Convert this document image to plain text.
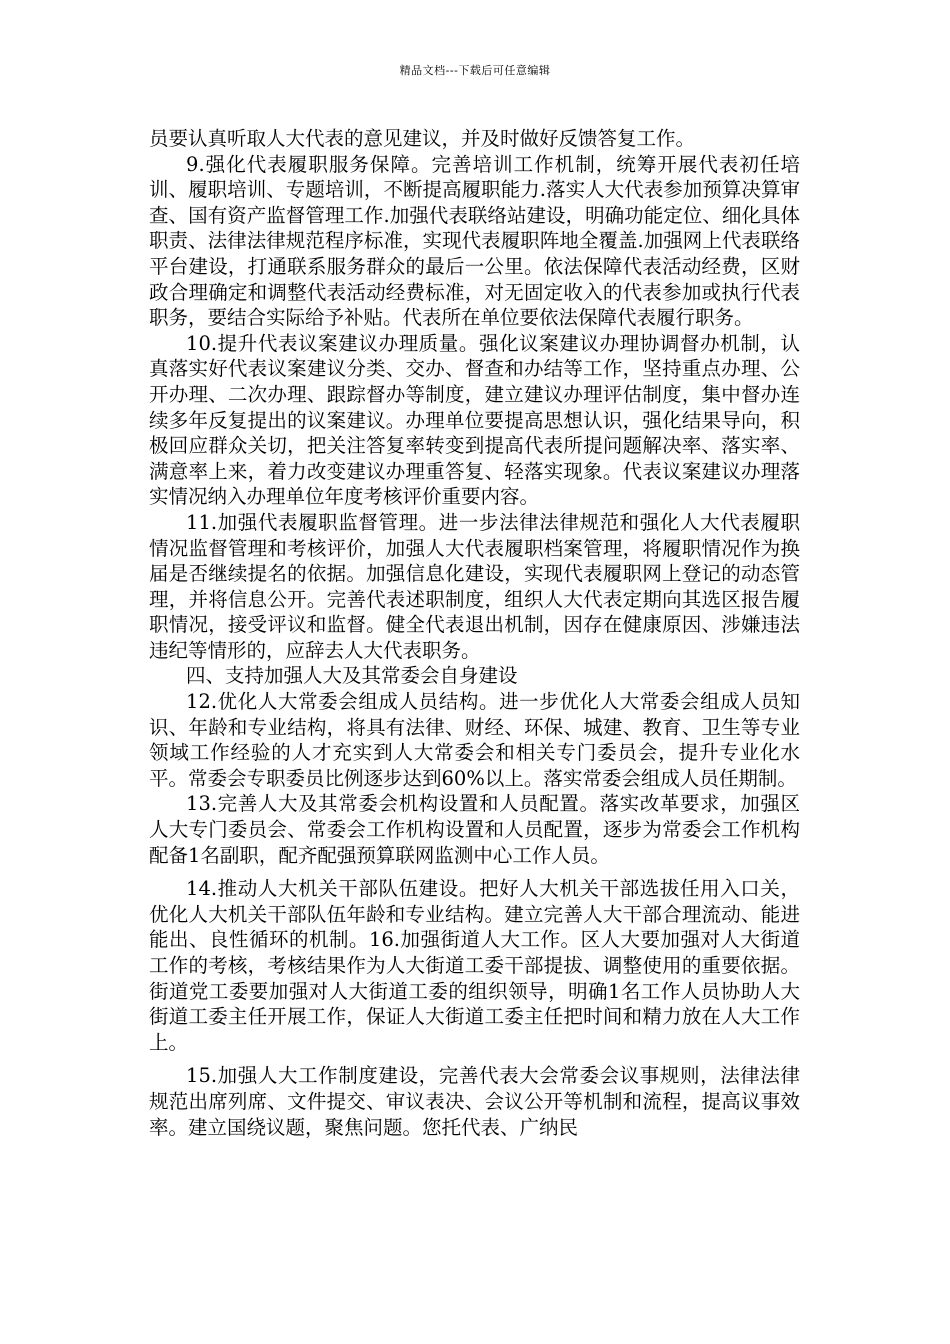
精品文档---下载后可任意编辑

员要认真听取人大代表的意见建议，并及时做好反馈答复工作。

9.强化代表履职服务保障。完善培训工作机制，统筹开展代表初任培训、履职培训、专题培训，不断提高履职能力.落实人大代表参加预算决算审查、国有资产监督管理工作.加强代表联络站建设，明确功能定位、细化具体职责、法律法律规范程序标准，实现代表履职阵地全覆盖.加强网上代表联络平台建设，打通联系服务群众的最后一公里。依法保障代表活动经费，区财政合理确定和调整代表活动经费标准，对无固定收入的代表参加或执行代表职务，要结合实际给予补贴。代表所在单位要依法保障代表履行职务。

10.提升代表议案建议办理质量。强化议案建议办理协调督办机制，认真落实好代表议案建议分类、交办、督查和办结等工作，坚持重点办理、公开办理、二次办理、跟踪督办等制度，建立建议办理评估制度，集中督办连续多年反复提出的议案建议。办理单位要提高思想认识，强化结果导向，积极回应群众关切，把关注答复率转变到提高代表所提问题解决率、落实率、满意率上来，着力改变建议办理重答复、轻落实现象。代表议案建议办理落实情况纳入办理单位年度考核评价重要内容。

11.加强代表履职监督管理。进一步法律法律规范和强化人大代表履职情况监督管理和考核评价，加强人大代表履职档案管理，将履职情况作为换届是否继续提名的依据。加强信息化建设，实现代表履职网上登记的动态管理，并将信息公开。完善代表述职制度，组织人大代表定期向其选区报告履职情况，接受评议和监督。健全代表退出机制，因存在健康原因、涉嫌违法违纪等情形的，应辞去人大代表职务。

四、支持加强人大及其常委会自身建设

12.优化人大常委会组成人员结构。进一步优化人大常委会组成人员知识、年龄和专业结构，将具有法律、财经、环保、城建、教育、卫生等专业领域工作经验的人才充实到人大常委会和相关专门委员会，提升专业化水平。常委会专职委员比例逐步达到60%以上。落实常委会组成人员任期制。

13.完善人大及其常委会机构设置和人员配置。落实改革要求，加强区人大专门委员会、常委会工作机构设置和人员配置，逐步为常委会工作机构配备1名副职，配齐配强预算联网监测中心工作人员。

14.推动人大机关干部队伍建设。把好人大机关干部选拔任用入口关，优化人大机关干部队伍年龄和专业结构。建立完善人大干部合理流动、能进能出、良性循环的机制。16.加强街道人大工作。区人大要加强对人大街道工作的考核，考核结果作为人大街道工委干部提拔、调整使用的重要依据。街道党工委要加强对人大街道工委的组织领导，明确1名工作人员协助人大街道工委主任开展工作，保证人大街道工委主任把时间和精力放在人大工作上。

15.加强人大工作制度建设，完善代表大会常委会议事规则，法律法律规范出席列席、文件提交、审议表决、会议公开等机制和流程，提高议事效率。建立国绕议题，聚焦问题。您托代表、广纳民
